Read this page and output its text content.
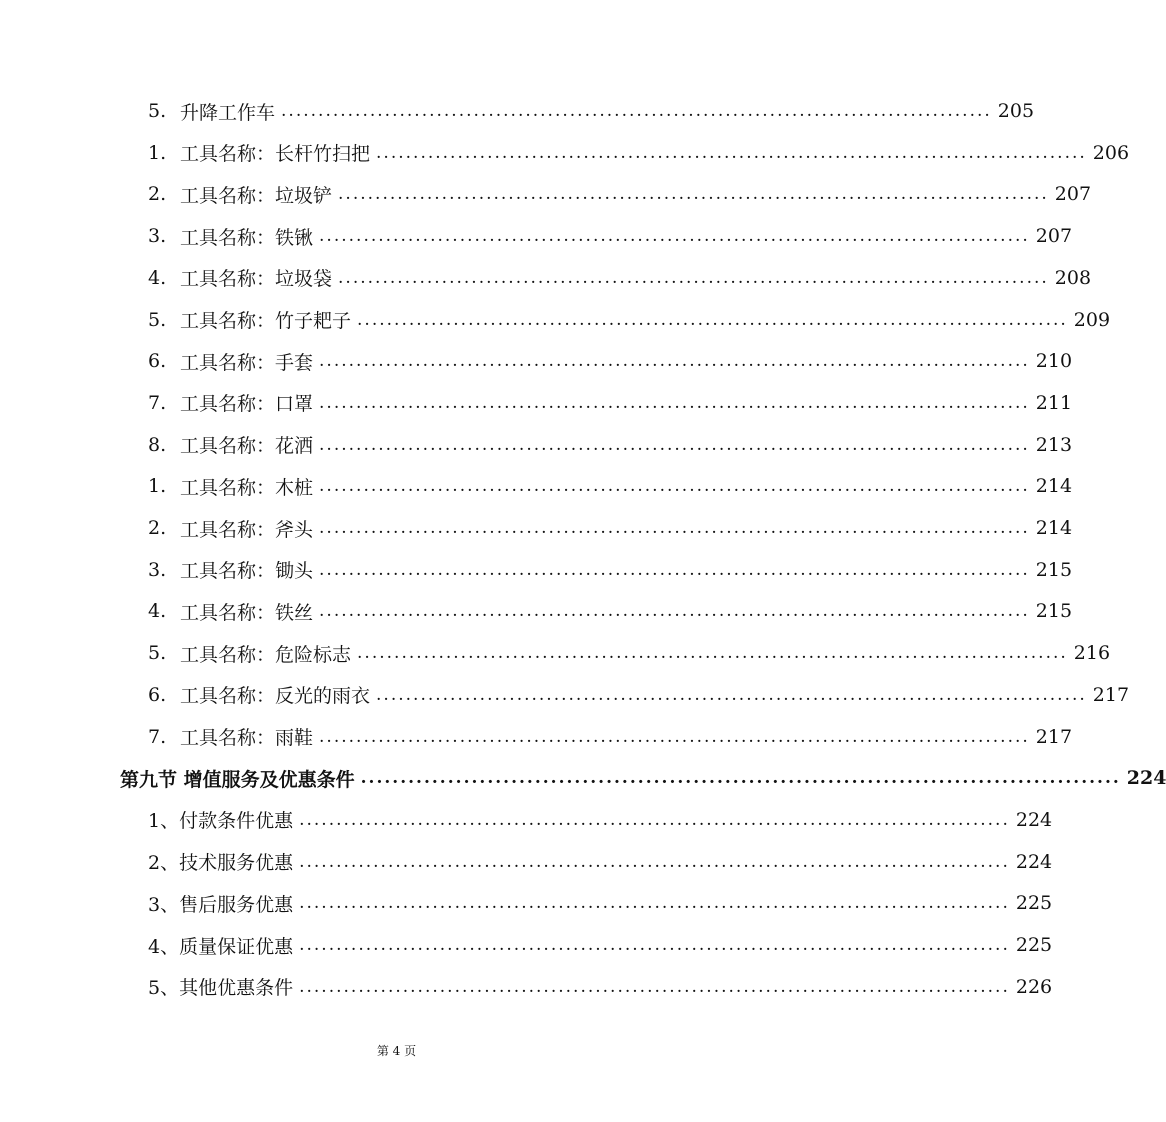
5. 升降工作车 ................................................................................................ 205
1. 工具名称：长杆竹扫把 ................................................................................................ 206
2. 工具名称：垃圾铲 ................................................................................................ 207
3. 工具名称：铁锹 ................................................................................................ 207
4. 工具名称：垃圾袋 ................................................................................................ 208
5. 工具名称：竹子耙子 ................................................................................................ 209
6. 工具名称：手套 ................................................................................................ 210
7. 工具名称：口罩 ................................................................................................ 211
8. 工具名称：花洒 ................................................................................................ 213
1. 工具名称：木桩 ................................................................................................ 214
2. 工具名称：斧头 ................................................................................................ 214
3. 工具名称：锄头 ................................................................................................ 215
4. 工具名称：铁丝 ................................................................................................ 215
5. 工具名称：危险标志 ................................................................................................ 216
6. 工具名称：反光的雨衣 ................................................................................................ 217
7. 工具名称：雨鞋 ................................................................................................ 217
第九节 增值服务及优惠条件 ................................................................................................ 224
1、付款条件优惠 ................................................................................................ 224
2、技术服务优惠 ................................................................................................ 224
3、售后服务优惠 ................................................................................................ 225
4、质量保证优惠 ................................................................................................ 225
5、其他优惠条件 ................................................................................................ 226
第 4 页
